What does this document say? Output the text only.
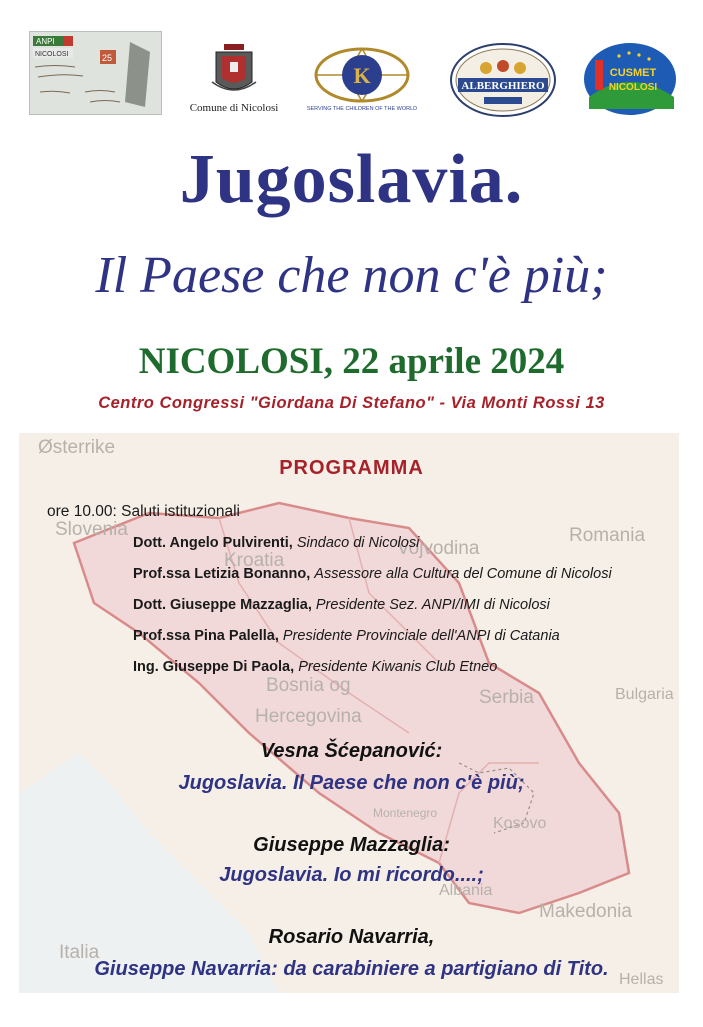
ANPI
NICOLOSI	25
Comune di Nicolosi
K
SERVING THE CHILDREN OF THE WORLD
ALBERGHIERO
CUSMET
NICOLOSI
Jugoslavia.
Il Paese che non c'è più;
NICOLOSI, 22 aprile 2024
Centro Congressi "Giordana Di Stefano" - Via Monti Rossi 13
Østerrike
Slovenia
Kroatia
Vojvodina
Romania
Bosnia og
Hercegovina
Serbia	Bulgaria
Montenegro
Kosovo
Albania
Makedonia
Italia
Hellas
PROGRAMMA
ore 10.00: Saluti istituzionali
Dott. Angelo Pulvirenti, Sindaco di Nicolosi
Prof.ssa Letizia Bonanno, Assessore alla Cultura del Comune di Nicolosi
Dott. Giuseppe Mazzaglia, Presidente Sez. ANPI/IMI di Nicolosi
Prof.ssa Pina Palella, Presidente Provinciale dell'ANPI di Catania
Ing. Giuseppe Di Paola, Presidente Kiwanis Club Etneo
Vesna Šćepanović:
Jugoslavia. Il Paese che non c'è più;
Giuseppe Mazzaglia:
Jugoslavia. Io mi ricordo....;
Rosario Navarria,
Giuseppe Navarria: da carabiniere a partigiano di Tito.
